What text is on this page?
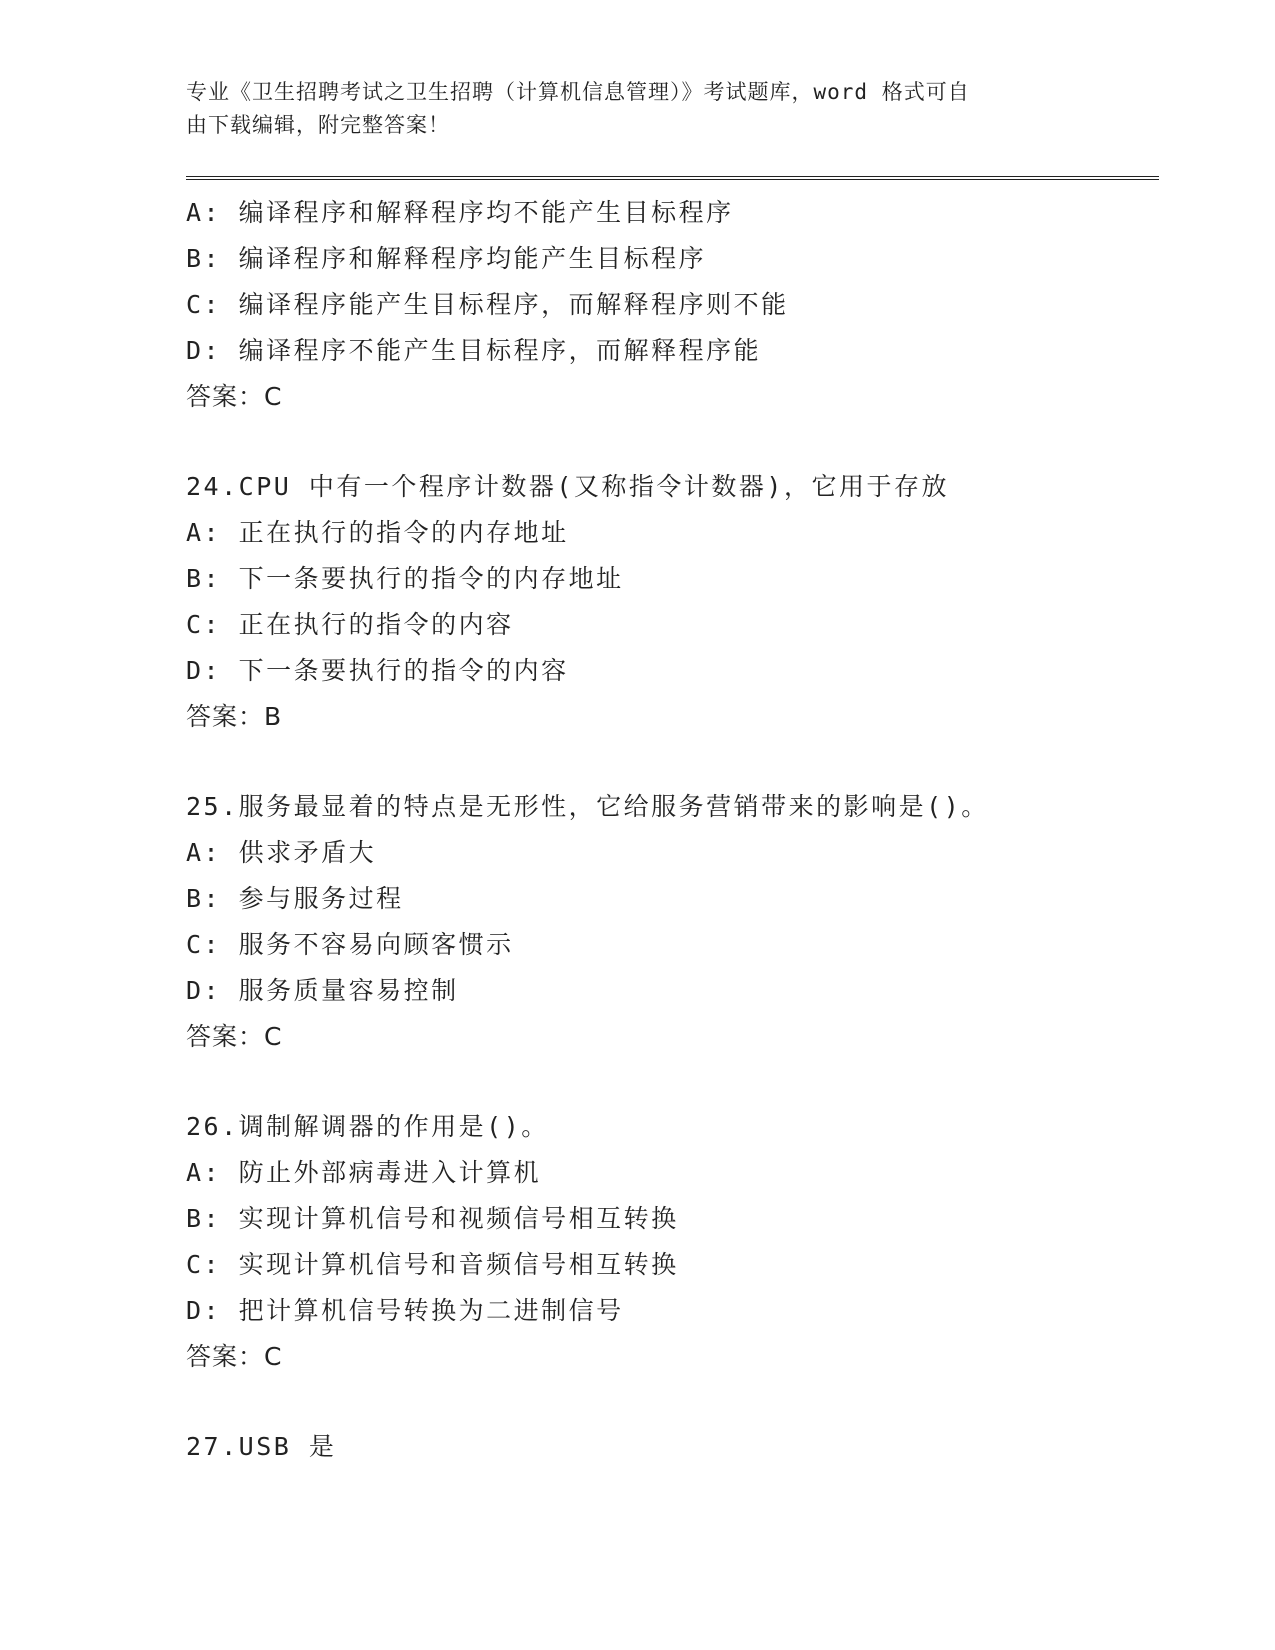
专业《卫生招聘考试之卫生招聘（计算机信息管理）》考试题库，word 格式可自
由下载编辑，附完整答案！
A: 编译程序和解释程序均不能产生目标程序
B: 编译程序和解释程序均能产生目标程序
C: 编译程序能产生目标程序，而解释程序则不能
D: 编译程序不能产生目标程序，而解释程序能
答案：C
24.CPU 中有一个程序计数器(又称指令计数器)，它用于存放
A: 正在执行的指令的内存地址
B: 下一条要执行的指令的内存地址
C: 正在执行的指令的内容
D: 下一条要执行的指令的内容
答案：B
25.服务最显着的特点是无形性，它给服务营销带来的影响是()。
A: 供求矛盾大
B: 参与服务过程
C: 服务不容易向顾客惯示
D: 服务质量容易控制
答案：C
26.调制解调器的作用是()。
A: 防止外部病毒进入计算机
B: 实现计算机信号和视频信号相互转换
C: 实现计算机信号和音频信号相互转换
D: 把计算机信号转换为二进制信号
答案：C
27.USB 是
